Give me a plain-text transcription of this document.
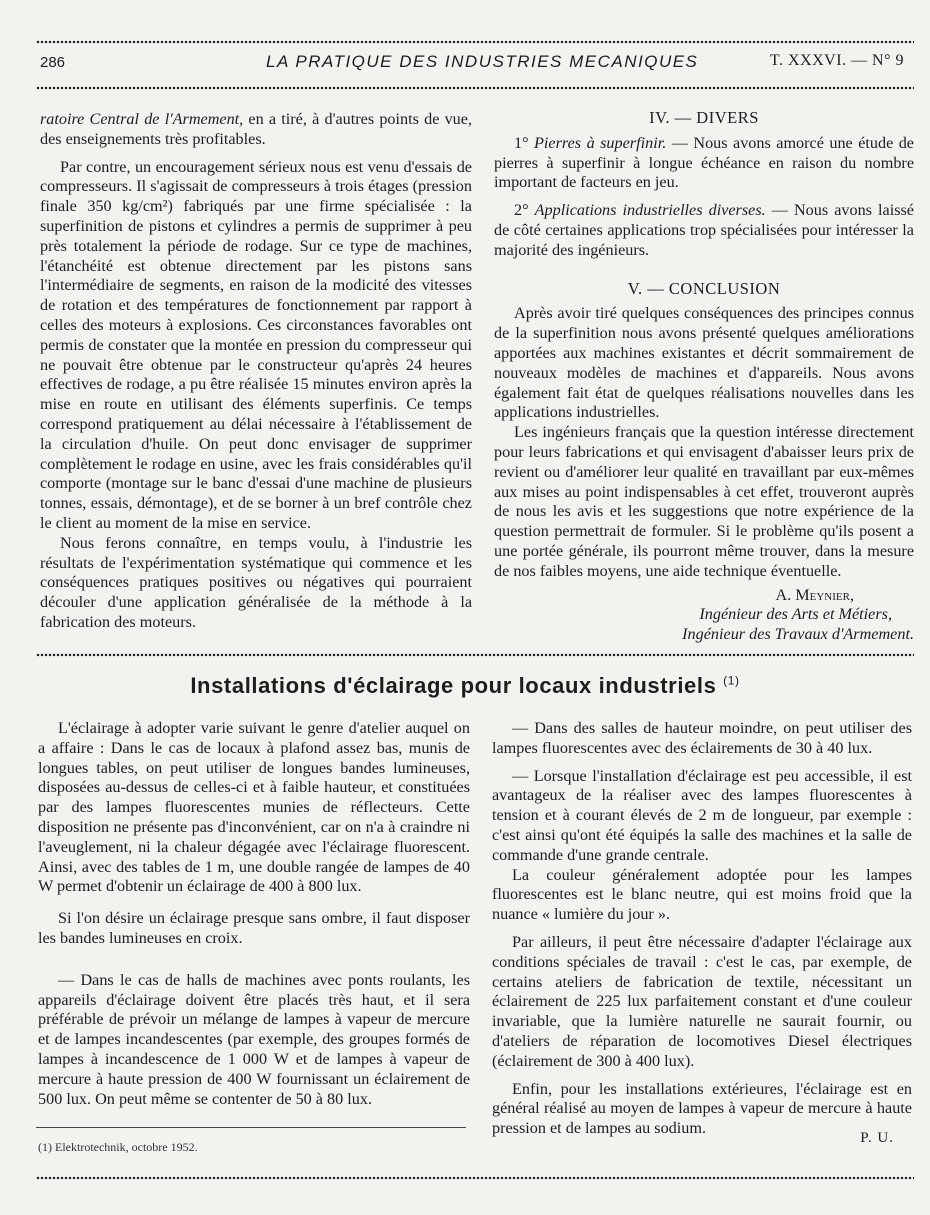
286	LA PRATIQUE DES INDUSTRIES MECANIQUES	T. XXXVI. — N° 9

ratoire Central de l'Armement, en a tiré, à d'autres points de vue, des enseignements très profitables.

Par contre, un encouragement sérieux nous est venu d'essais de compresseurs. Il s'agissait de compresseurs à trois étages (pression finale 350 kg/cm²) fabriqués par une firme spécialisée : la superfinition de pistons et cylindres a permis de supprimer à peu près totalement la période de rodage. Sur ce type de machines, l'étanchéité est obtenue directement par les pistons sans l'intermédiaire de segments, en raison de la modicité des vitesses de rotation et des températures de fonctionnement par rapport à celles des moteurs à explosions. Ces circonstances favorables ont permis de constater que la montée en pression du compresseur qui ne pouvait être obtenue par le constructeur qu'après 24 heures effectives de rodage, a pu être réalisée 15 minutes environ après la mise en route en utilisant des éléments superfinis. Ce temps correspond pratiquement au délai nécessaire à l'établissement de la circulation d'huile. On peut donc envisager de supprimer complètement le rodage en usine, avec les frais considérables qu'il comporte (montage sur le banc d'essai d'une machine de plusieurs tonnes, essais, démontage), et de se borner à un bref contrôle chez le client au moment de la mise en service.

Nous ferons connaître, en temps voulu, à l'industrie les résultats de l'expérimentation systématique qui commence et les conséquences pratiques positives ou négatives qui pourraient découler d'une application généralisée de la méthode à la fabrication des moteurs.

IV. — DIVERS

1° Pierres à superfinir. — Nous avons amorcé une étude de pierres à superfinir à longue échéance en raison du nombre important de facteurs en jeu.

2° Applications industrielles diverses. — Nous avons laissé de côté certaines applications trop spécialisées pour intéresser la majorité des ingénieurs.

V. — CONCLUSION

Après avoir tiré quelques conséquences des principes connus de la superfinition nous avons présenté quelques améliorations apportées aux machines existantes et décrit sommairement de nouveaux modèles de machines et d'appareils. Nous avons également fait état de quelques réalisations nouvelles dans les applications industrielles.

Les ingénieurs français que la question intéresse directement pour leurs fabrications et qui envisagent d'abaisser leurs prix de revient ou d'améliorer leur qualité en travaillant par eux-mêmes aux mises au point indispensables à cet effet, trouveront auprès de nous les avis et les suggestions que notre expérience de la question permettrait de formuler. Si le problème qu'ils posent a une portée générale, ils pourront même trouver, dans la mesure de nos faibles moyens, une aide technique éventuelle.

A. Meynier,
Ingénieur des Arts et Métiers,
Ingénieur des Travaux d'Armement.
Installations d'éclairage pour locaux industriels $^{(1)}$

L'éclairage à adopter varie suivant le genre d'atelier auquel on a affaire : Dans le cas de locaux à plafond assez bas, munis de longues tables, on peut utiliser de longues bandes lumineuses, disposées au-dessus de celles-ci et à faible hauteur, et constituées par des lampes fluorescentes munies de réflecteurs. Cette disposition ne présente pas d'inconvénient, car on n'a à craindre ni l'aveuglement, ni la chaleur dégagée avec l'éclairage fluorescent. Ainsi, avec des tables de 1 m, une double rangée de lampes de 40 W permet d'obtenir un éclairage de 400 à 800 lux.

Si l'on désire un éclairage presque sans ombre, il faut disposer les bandes lumineuses en croix.

— Dans le cas de halls de machines avec ponts roulants, les appareils d'éclairage doivent être placés très haut, et il sera préférable de prévoir un mélange de lampes à vapeur de mercure et de lampes incandescentes (par exemple, des groupes formés de lampes à incandescence de 1 000 W et de lampes à vapeur de mercure à haute pression de 400 W fournissant un éclairement de 500 lux. On peut même se contenter de 50 à 80 lux.

— Dans des salles de hauteur moindre, on peut utiliser des lampes fluorescentes avec des éclairements de 30 à 40 lux.

— Lorsque l'installation d'éclairage est peu accessible, il est avantageux de la réaliser avec des lampes fluorescentes à tension et à courant élevés de 2 m de longueur, par exemple : c'est ainsi qu'ont été équipés la salle des machines et la salle de commande d'une grande centrale.

La couleur généralement adoptée pour les lampes fluorescentes est le blanc neutre, qui est moins froid que la nuance « lumière du jour ».

Par ailleurs, il peut être nécessaire d'adapter l'éclairage aux conditions spéciales de travail : c'est le cas, par exemple, de certains ateliers de fabrication de textile, nécessitant un éclairement de 225 lux parfaitement constant et d'une couleur invariable, que la lumière naturelle ne saurait fournir, ou d'ateliers de réparation de locomotives Diesel électriques (éclairement de 300 à 400 lux).

Enfin, pour les installations extérieures, l'éclairage est en général réalisé au moyen de lampes à vapeur de mercure à haute pression et de lampes au sodium.

P. U.
(1) Elektrotechnik, octobre 1952.
